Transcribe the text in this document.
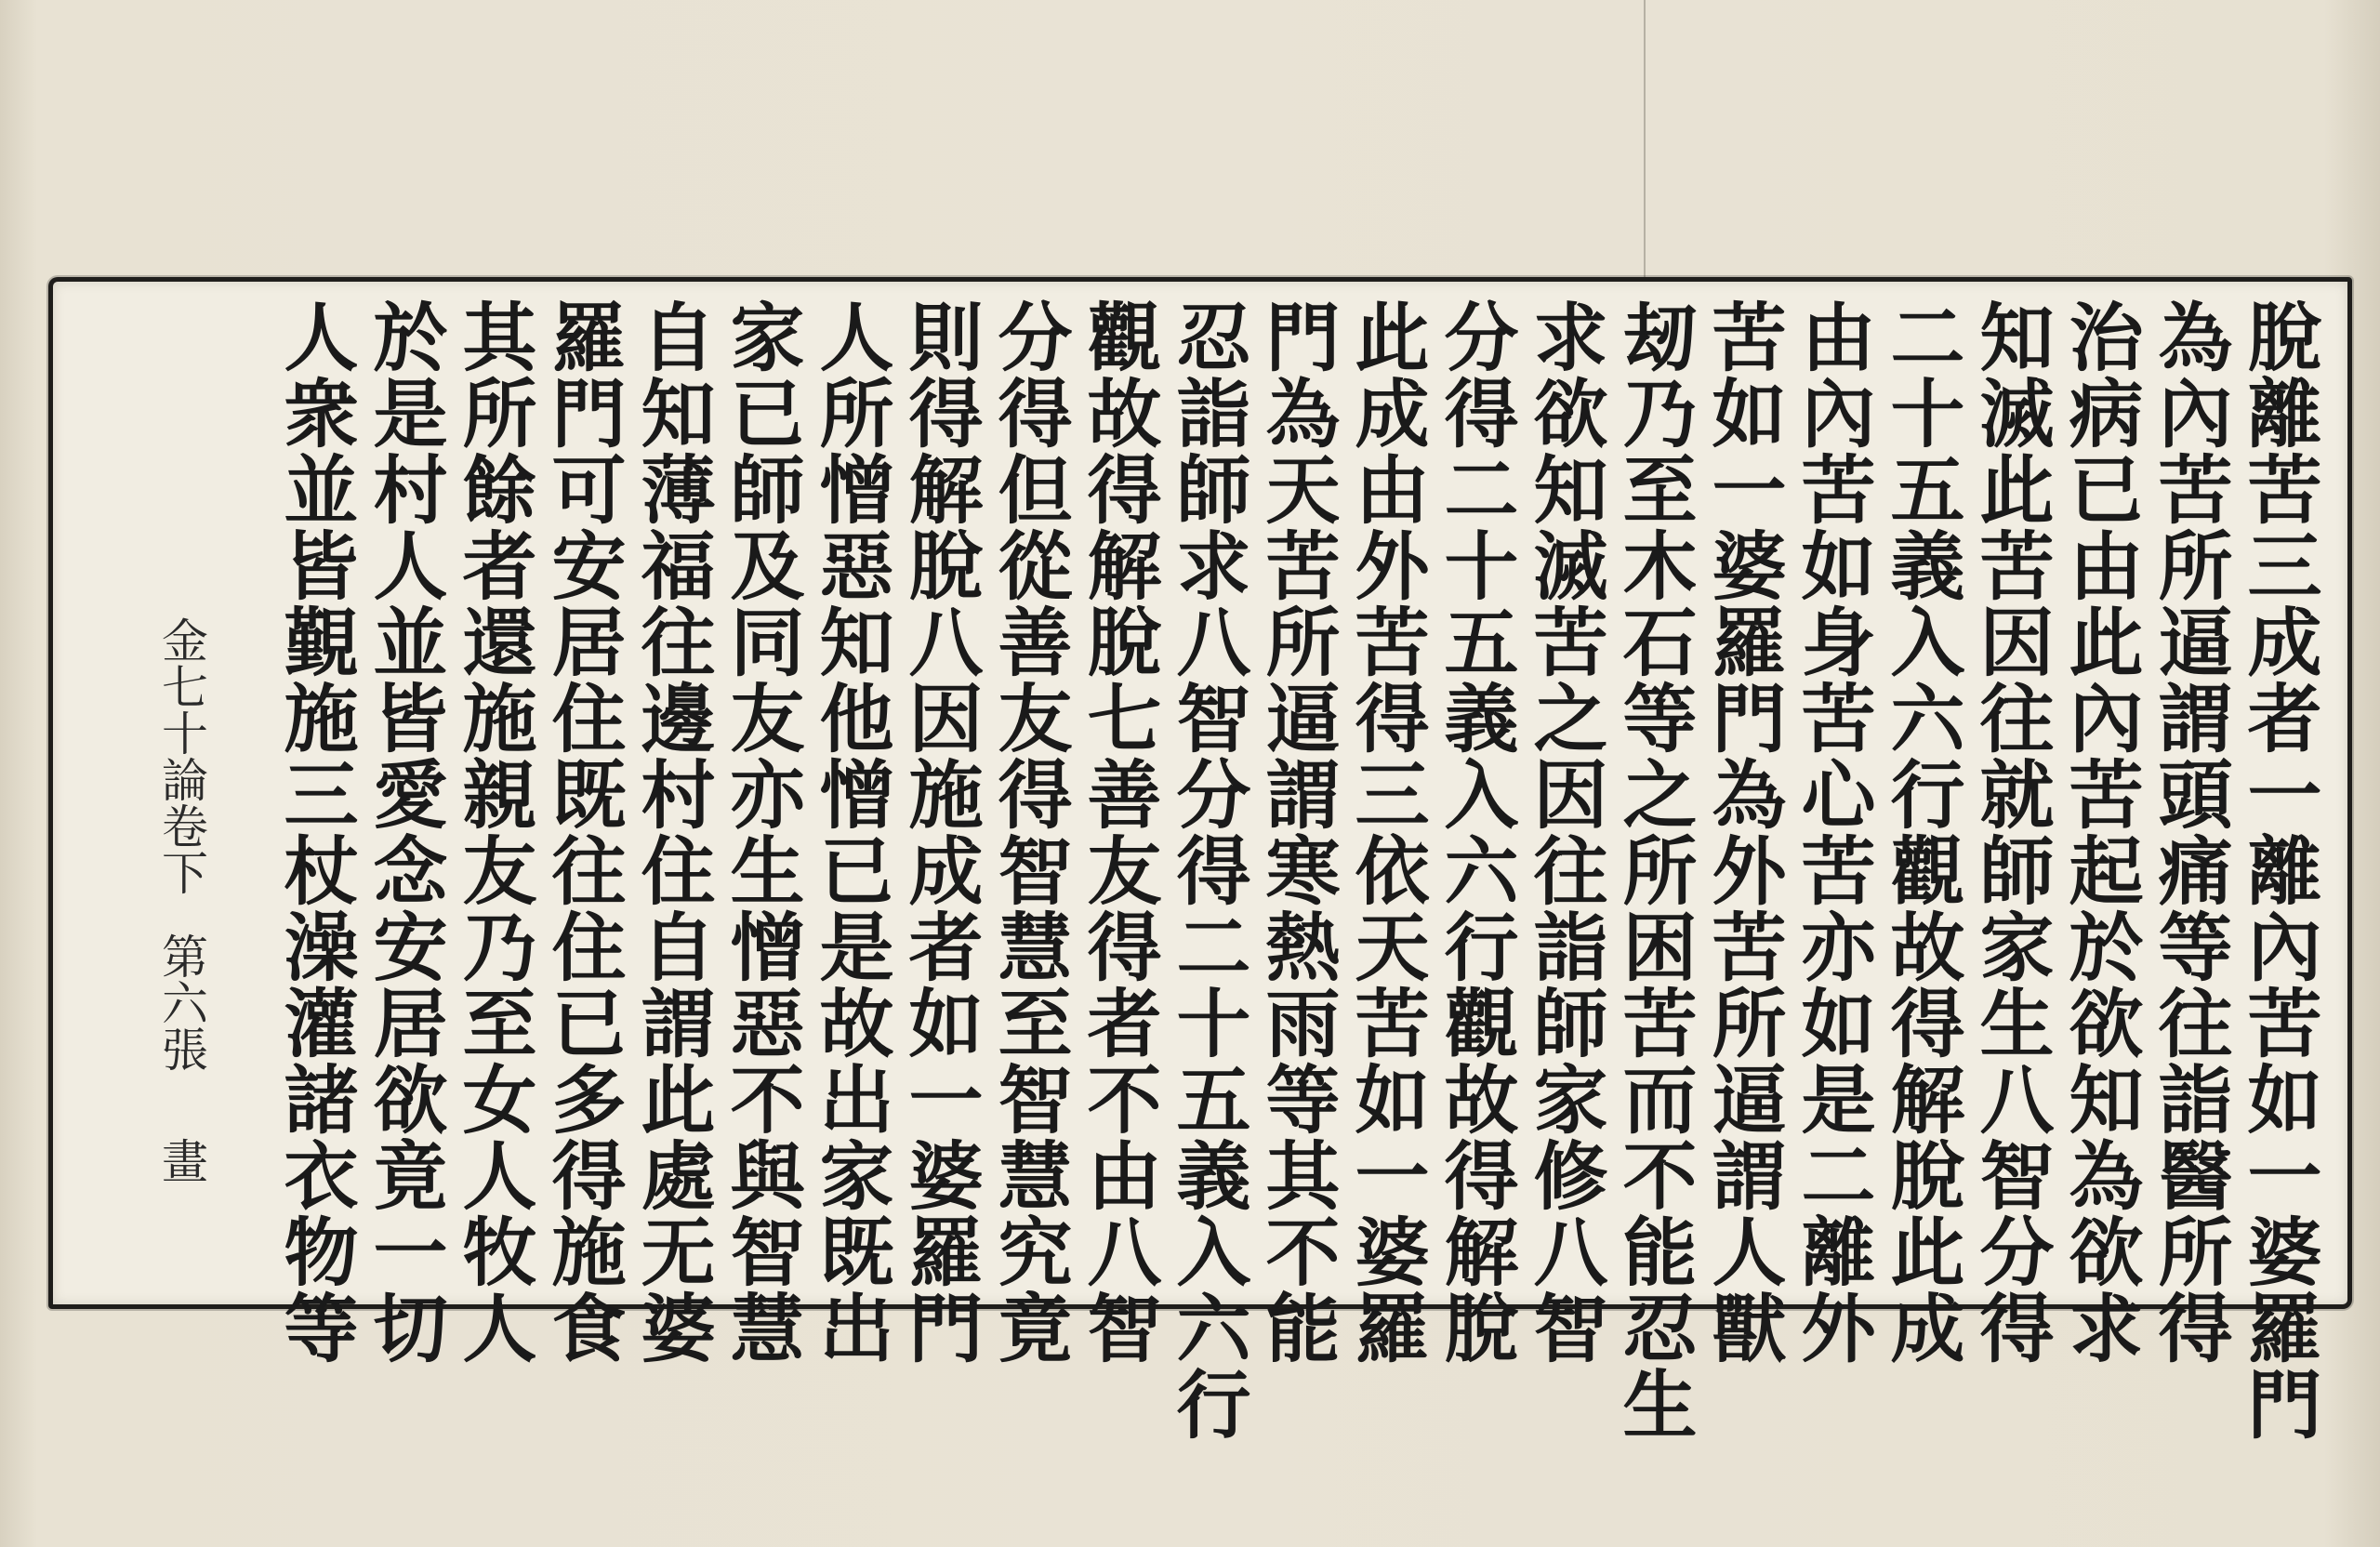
脫離苦三成者一離內苦如一婆羅門
為內苦所逼謂頭痛等往詣醫所得
治病已由此內苦起於欲知為欲求
知滅此苦因往就師家生八智分得
二十五義入六行觀故得解脫此成
由內苦如身苦心苦亦如是二離外
苦如一婆羅門為外苦所逼謂人獸
刼乃至木石等之所困苦而不能忍生
求欲知滅苦之因往詣師家修八智
分得二十五義入六行觀故得解脫
此成由外苦得三依天苦如一婆羅
門為天苦所逼謂寒熱雨等其不能
忍詣師求八智分得二十五義入六行
觀故得解脫七善友得者不由八智
分得但從善友得智慧至智慧究竟
則得解脫八因施成者如一婆羅門
人所憎惡知他憎已是故出家既出
家已師及同友亦生憎惡不與智慧
自知薄福往邊村住自謂此處无婆
羅門可安居住既往住已多得施食
其所餘者還施親友乃至女人牧人
於是村人並皆愛念安居欲竟一切
人衆並皆覲施三杖澡灌諸衣物等
金七十論卷下第六張畫
